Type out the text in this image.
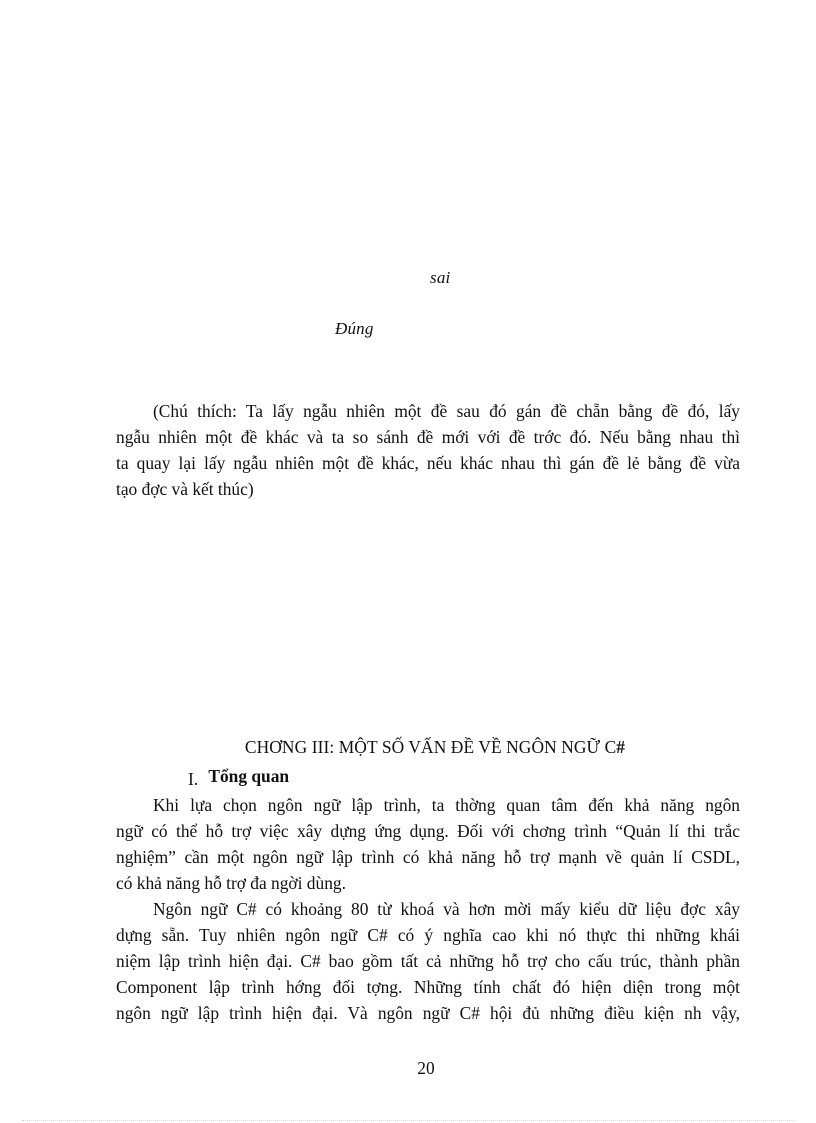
sai
Đúng

(Chú thích: Ta lấy ngẫu nhiên một đề sau đó gán đề chẵn bằng đề đó, lấy
ngẫu nhiên một đề khác và ta so sánh đề mới với đề trớc đó. Nếu bằng nhau thì
ta quay lại lấy ngẫu nhiên một đề khác, nếu khác nhau thì gán đề lẻ bằng đề vừa
tạo đợc và kết thúc)

CHƠNG III: MỘT SỐ VẤN ĐỀ VỀ NGÔN NGỮ C#
I. Tổng quan

Khi lựa chọn ngôn ngữ lập trình, ta thờng quan tâm đến khả năng ngôn
ngữ có thể hỗ trợ việc xây dựng ứng dụng. Đối với chơng trình “Quản lí thi trắc
nghiệm” cần một ngôn ngữ lập trình có khả năng hỗ trợ mạnh về quản lí CSDL,
có khả năng hỗ trợ đa ngời dùng.

Ngôn ngữ C# có khoảng 80 từ khoá và hơn mời mấy kiểu dữ liệu đợc xây
dựng sẵn. Tuy nhiên ngôn ngữ C# có ý nghĩa cao khi nó thực thi những khái
niệm lập trình hiện đại. C# bao gồm tất cả những hỗ trợ cho cấu trúc, thành phần
Component lập trình hớng đối tợng. Những tính chất đó hiện diện trong một
ngôn ngữ lập trình hiện đại. Và ngôn ngữ C# hội đủ những điều kiện nh vậy,

20
